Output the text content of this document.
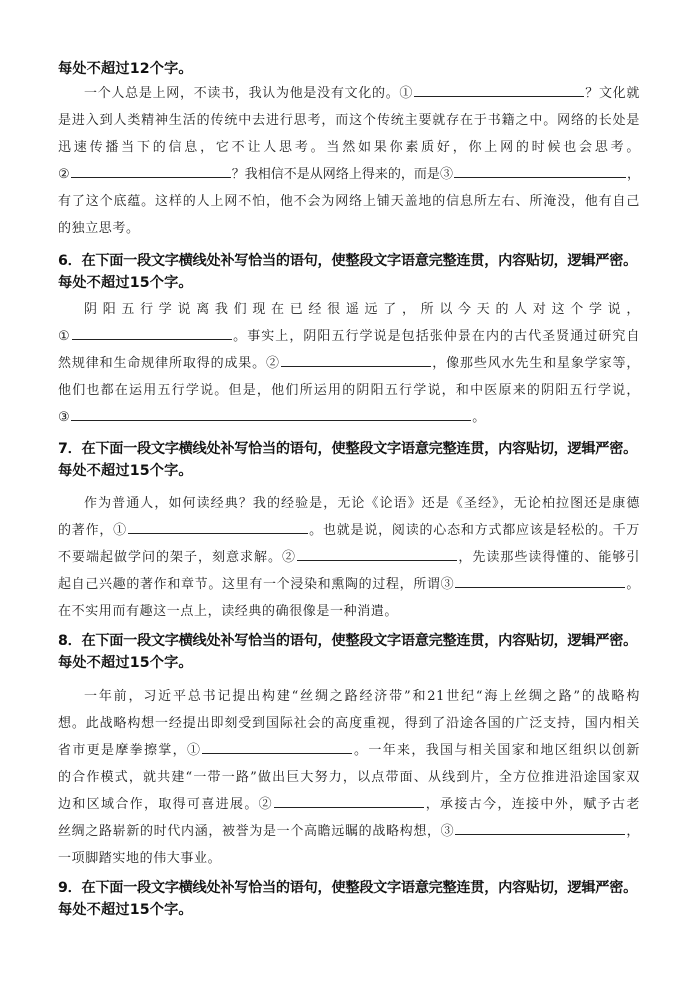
每处不超过12个字。
一个人总是上网，不读书，我认为他是没有文化的。①	？文化就
是进入到人类精神生活的传统中去进行思考，而这个传统主要就存在于书籍之中。网络的长处是
迅速传播当下的信息，它不让人思考。当然如果你素质好，你上网的时候也会思考。
②	？我相信不是从网络上得来的，而是③	，
有了这个底蕴。这样的人上网不怕，他不会为网络上铺天盖地的信息所左右、所淹没，他有自己
的独立思考。
6．在下面一段文字横线处补写恰当的语句，使整段文字语意完整连贯，内容贴切，逻辑严密。
每处不超过15个字。
阴阳五行学说离我们现在已经很遥远了，所以今天的人对这个学说，
①	。事实上，阴阳五行学说是包括张仲景在内的古代圣贤通过研究自
然规律和生命规律所取得的成果。②	，像那些风水先生和星象学家等，
他们也都在运用五行学说。但是，他们所运用的阴阳五行学说，和中医原来的阴阳五行学说，
③	。
7．在下面一段文字横线处补写恰当的语句，使整段文字语意完整连贯，内容贴切，逻辑严密。
每处不超过15个字。
作为普通人，如何读经典？我的经验是，无论《论语》还是《圣经》，无论柏拉图还是康德
的著作，①	。也就是说，阅读的心态和方式都应该是轻松的。千万
不要端起做学问的架子，刻意求解。②	，先读那些读得懂的、能够引
起自己兴趣的著作和章节。这里有一个浸染和熏陶的过程，所谓③	。
在不实用而有趣这一点上，读经典的确很像是一种消遣。
8．在下面一段文字横线处补写恰当的语句，使整段文字语意完整连贯，内容贴切，逻辑严密。
每处不超过15个字。
一年前，习近平总书记提出构建“丝绸之路经济带”和21世纪“海上丝绸之路”的战略构
想。此战略构想一经提出即刻受到国际社会的高度重视，得到了沿途各国的广泛支持，国内相关
省市更是摩拳擦掌，①	。一年来，我国与相关国家和地区组织以创新
的合作模式，就共建“一带一路”做出巨大努力，以点带面、从线到片，全方位推进沿途国家双
边和区域合作，取得可喜进展。②	，承接古今，连接中外，赋予古老
丝绸之路崭新的时代内涵，被誉为是一个高瞻远瞩的战略构想，③	，
一项脚踏实地的伟大事业。
9．在下面一段文字横线处补写恰当的语句，使整段文字语意完整连贯，内容贴切，逻辑严密。
每处不超过15个字。
